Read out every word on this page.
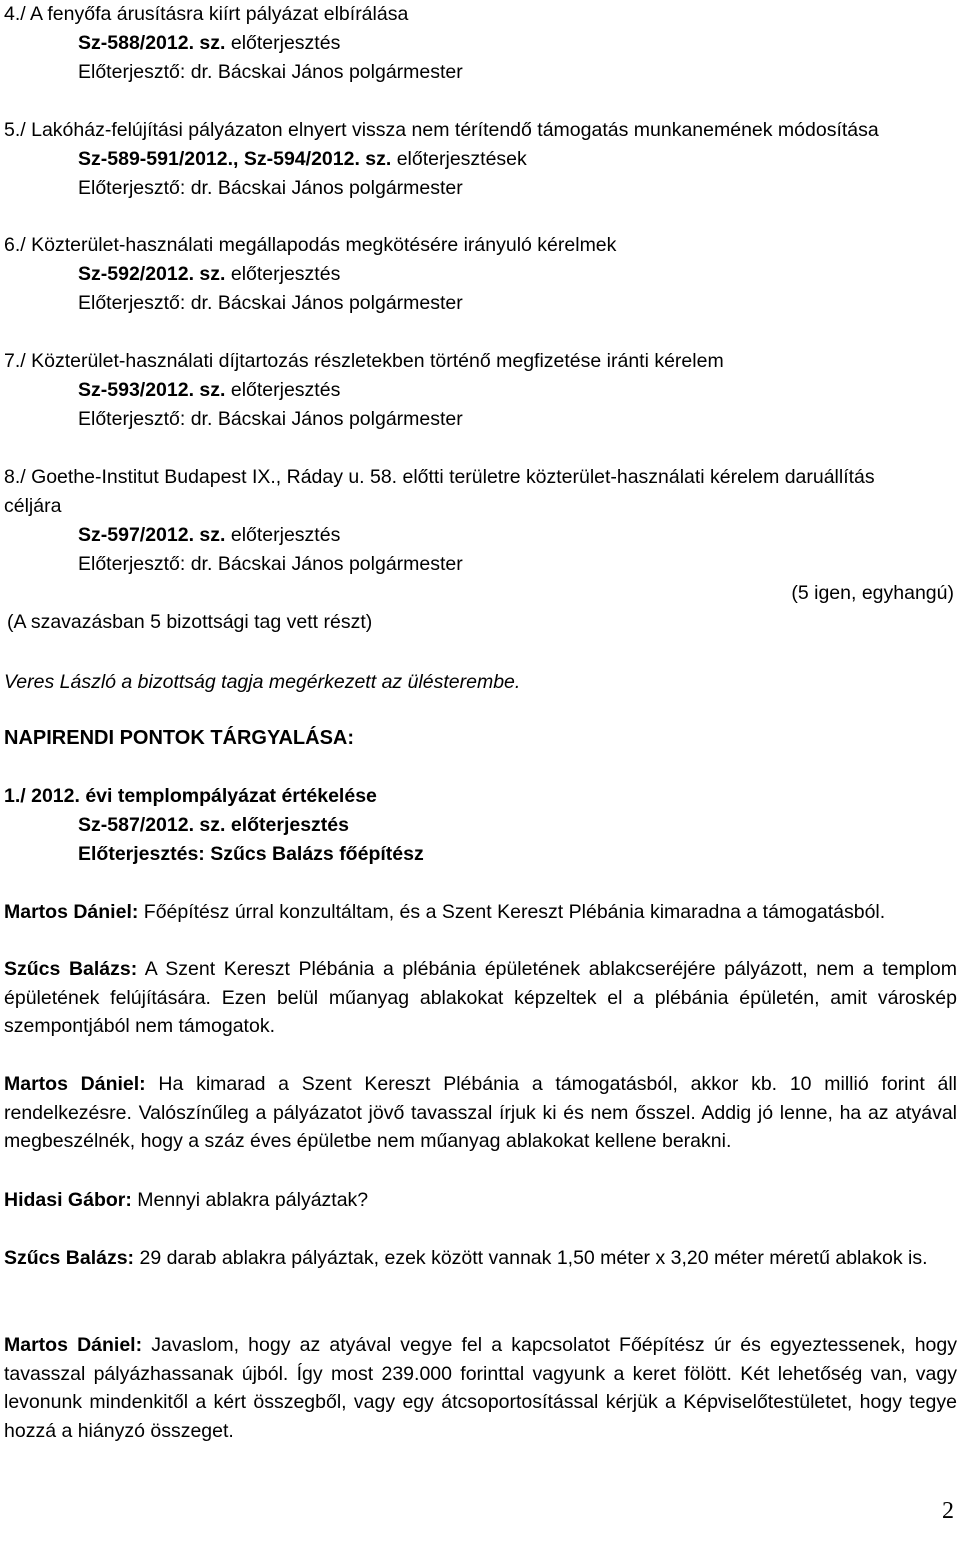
4./ A fenyőfa árusításra kiírt pályázat elbírálása
Sz-588/2012. sz. előterjesztés
Előterjesztő: dr. Bácskai János polgármester
5./ Lakóház-felújítási pályázaton elnyert vissza nem térítendő támogatás munkanemének módosítása
Sz-589-591/2012., Sz-594/2012. sz. előterjesztések
Előterjesztő: dr. Bácskai János polgármester
6./ Közterület-használati megállapodás megkötésére irányuló kérelmek
Sz-592/2012. sz. előterjesztés
Előterjesztő: dr. Bácskai János polgármester
7./ Közterület-használati díjtartozás részletekben történő megfizetése iránti kérelem
Sz-593/2012. sz. előterjesztés
Előterjesztő: dr. Bácskai János polgármester
8./ Goethe-Institut Budapest IX., Ráday u. 58. előtti területre közterület-használati kérelem daruállítás
céljára
Sz-597/2012. sz. előterjesztés
Előterjesztő: dr. Bácskai János polgármester
(5 igen, egyhangú)
(A szavazásban 5 bizottsági tag vett részt)
Veres László a bizottság tagja megérkezett az ülésterembe.
NAPIRENDI PONTOK TÁRGYALÁSA:
1./ 2012. évi templompályázat értékelése
Sz-587/2012. sz. előterjesztés
Előterjesztés: Szűcs Balázs főépítész
Martos Dániel: Főépítész úrral konzultáltam, és a Szent Kereszt Plébánia kimaradna a támogatásból.
Szűcs Balázs: A Szent Kereszt Plébánia a plébánia épületének ablakcseréjére pályázott, nem a templom épületének felújítására. Ezen belül műanyag ablakokat képzeltek el a plébánia épületén, amit városkép szempontjából nem támogatok.
Martos Dániel: Ha kimarad a Szent Kereszt Plébánia a támogatásból, akkor kb. 10 millió forint áll rendelkezésre. Valószínűleg a pályázatot jövő tavasszal írjuk ki és nem ősszel. Addig jó lenne, ha az atyával megbeszélnék, hogy a száz éves épületbe nem műanyag ablakokat kellene berakni.
Hidasi Gábor: Mennyi ablakra pályáztak?
Szűcs Balázs: 29 darab ablakra pályáztak, ezek között vannak 1,50 méter x 3,20 méter méretű ablakok is.
Martos Dániel: Javaslom, hogy az atyával vegye fel a kapcsolatot Főépítész úr és egyeztessenek, hogy tavasszal pályázhassanak újból. Így most 239.000 forinttal vagyunk a keret fölött. Két lehetőség van, vagy levonunk mindenkitől a kért összegből, vagy egy átcsoportosítással kérjük a Képviselőtestületet, hogy tegye hozzá a hiányzó összeget.
2
